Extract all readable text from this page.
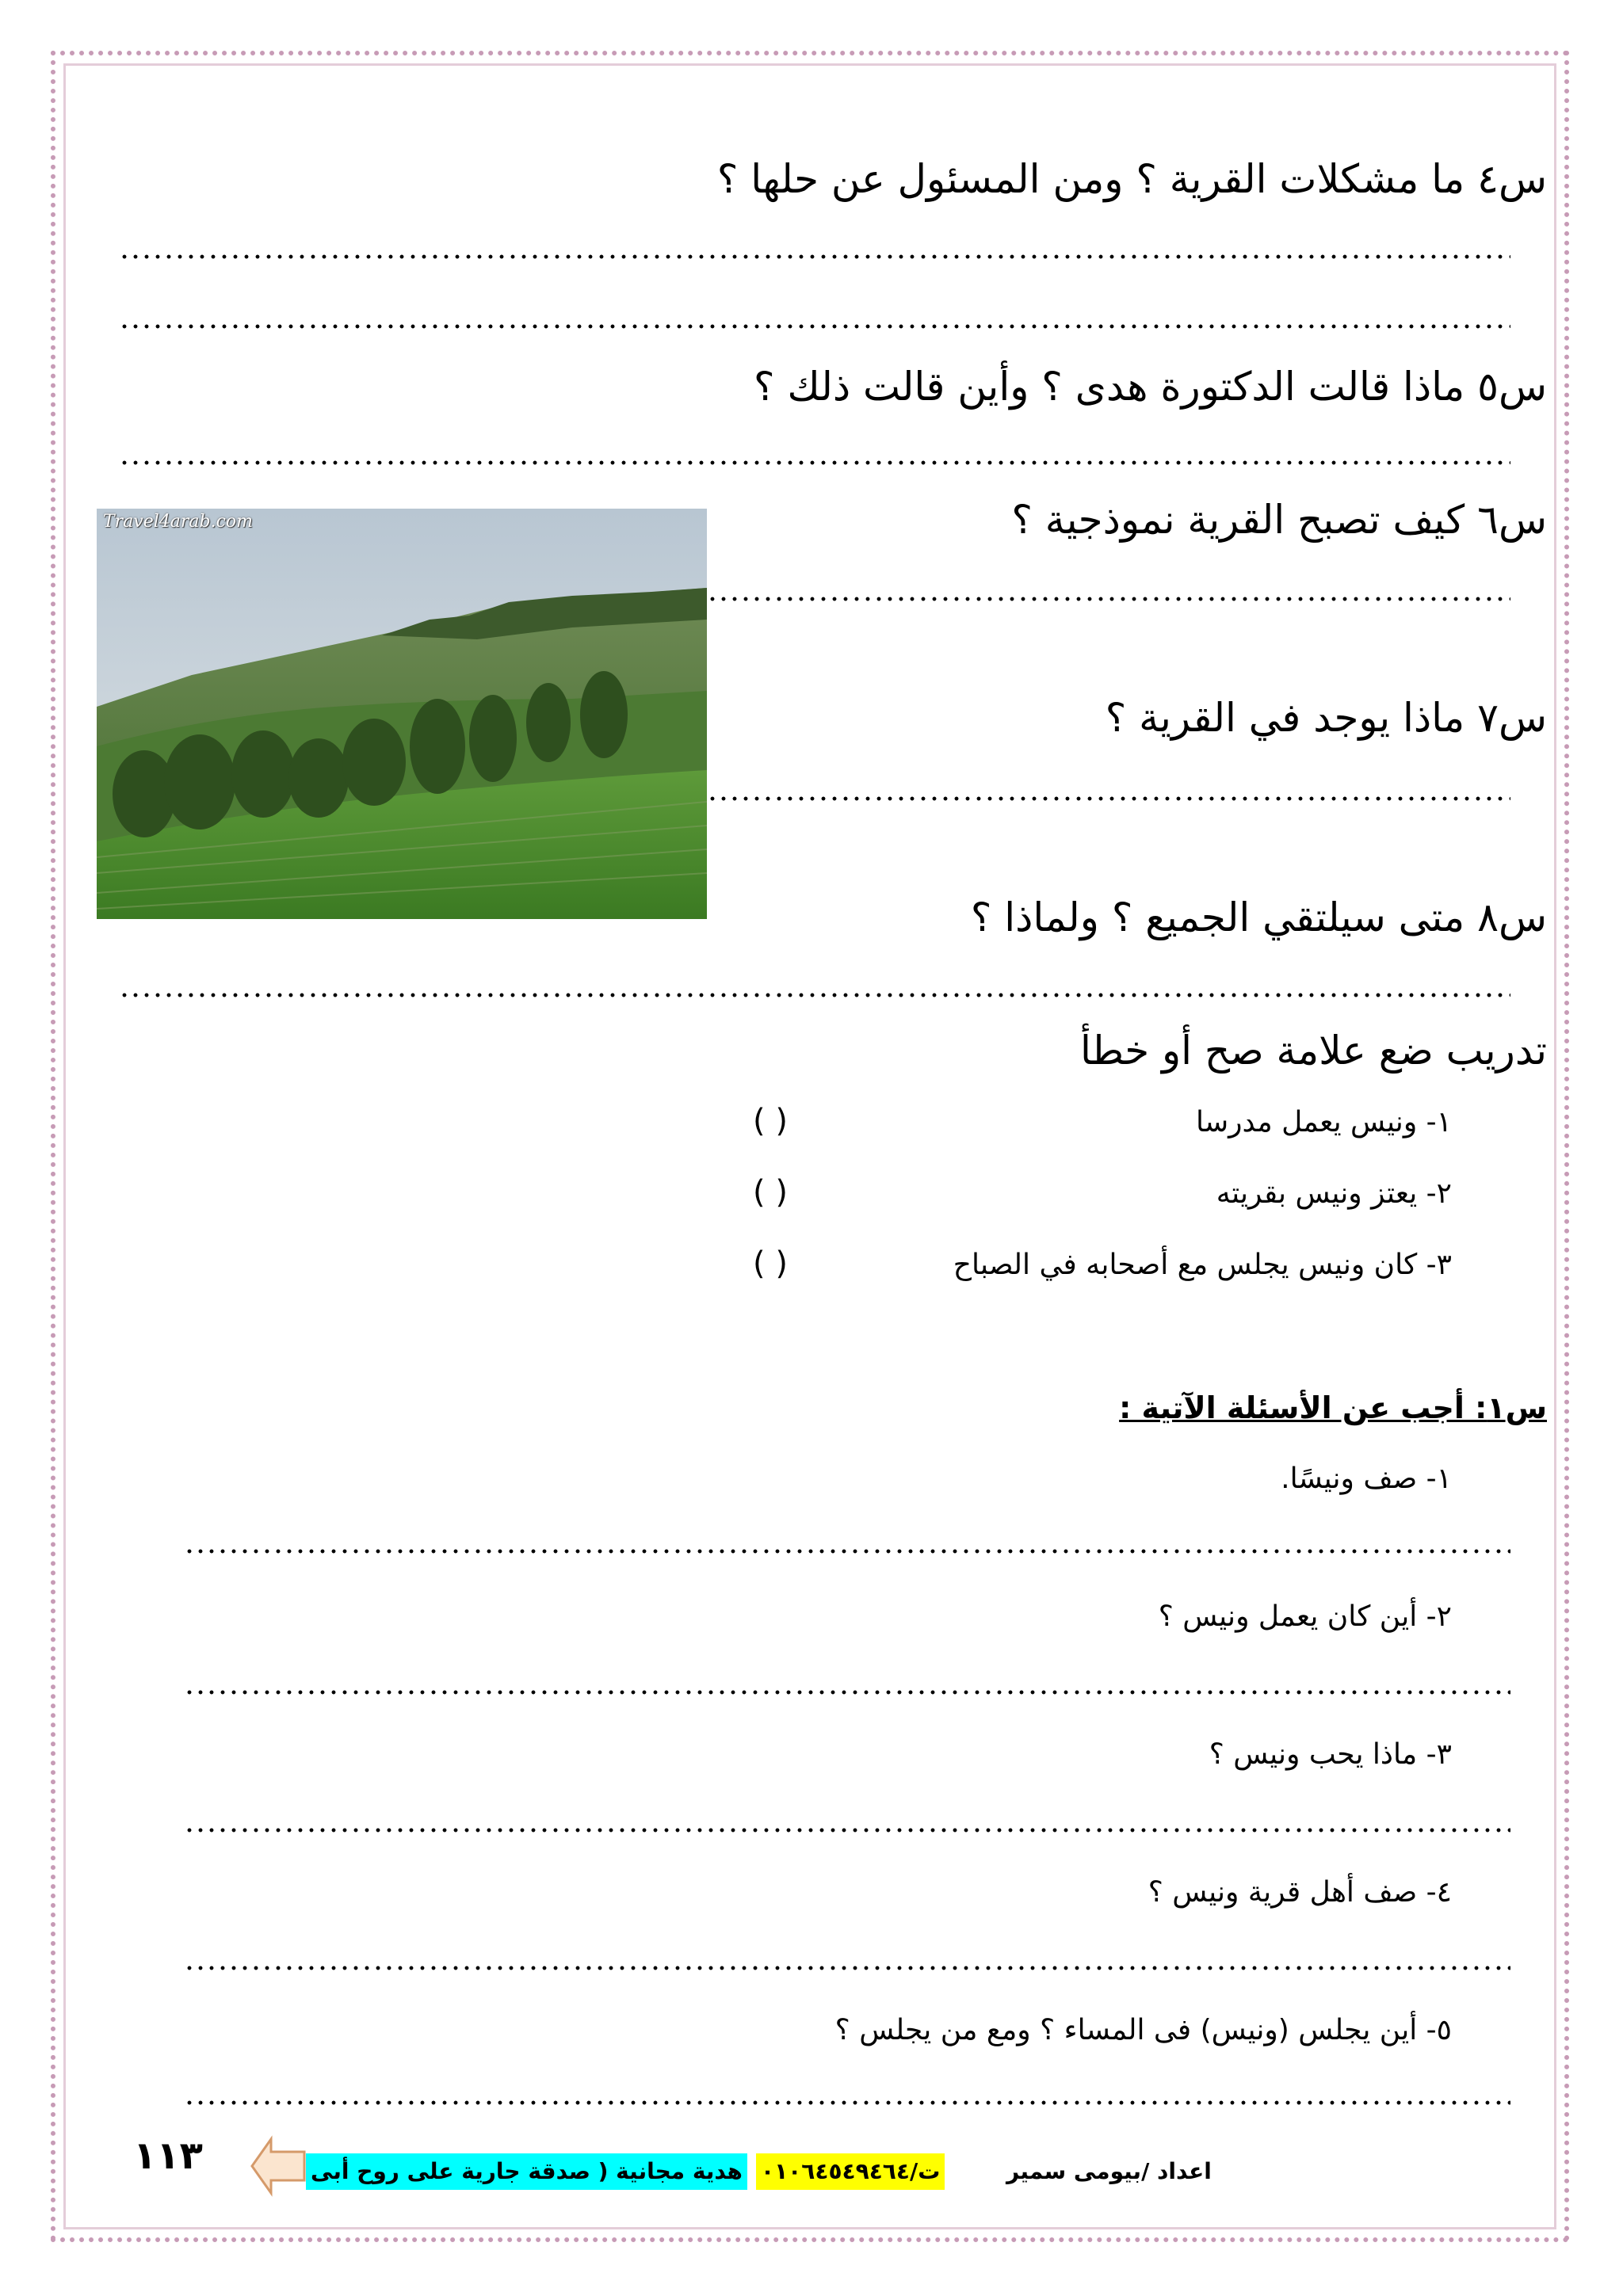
س٤ ما مشكلات القرية ؟ ومن المسئول عن حلها ؟
س٥ ماذا قالت الدكتورة هدى ؟ وأين قالت ذلك ؟
Travel4arab.com	س٦ كيف تصبح القرية نموذجية ؟
س٧ ماذا يوجد في القرية ؟
س٨ متى سيلتقي الجميع ؟ ولماذا ؟
تدريب ضع علامة صح أو خطأ
١- ونيس يعمل مدرسا
( )
٢- يعتز ونيس بقريته
( )
٣- كان ونيس يجلس مع أصحابه في الصباح
( )
س١: أجب عن الأسئلة الآتية :
١- صف ونيسًا.
٢- أين كان يعمل ونيس ؟
٣- ماذا يحب ونيس ؟
٤- صف أهل قرية ونيس ؟
٥- أين يجلس (ونيس) فى المساء ؟ ومع من يجلس ؟
١١٣	هدية مجانية ( صدقة جارية على روح أبى ت/٠١٠٦٤٥٤٩٤٦٤	اعداد /بيومى سمير
